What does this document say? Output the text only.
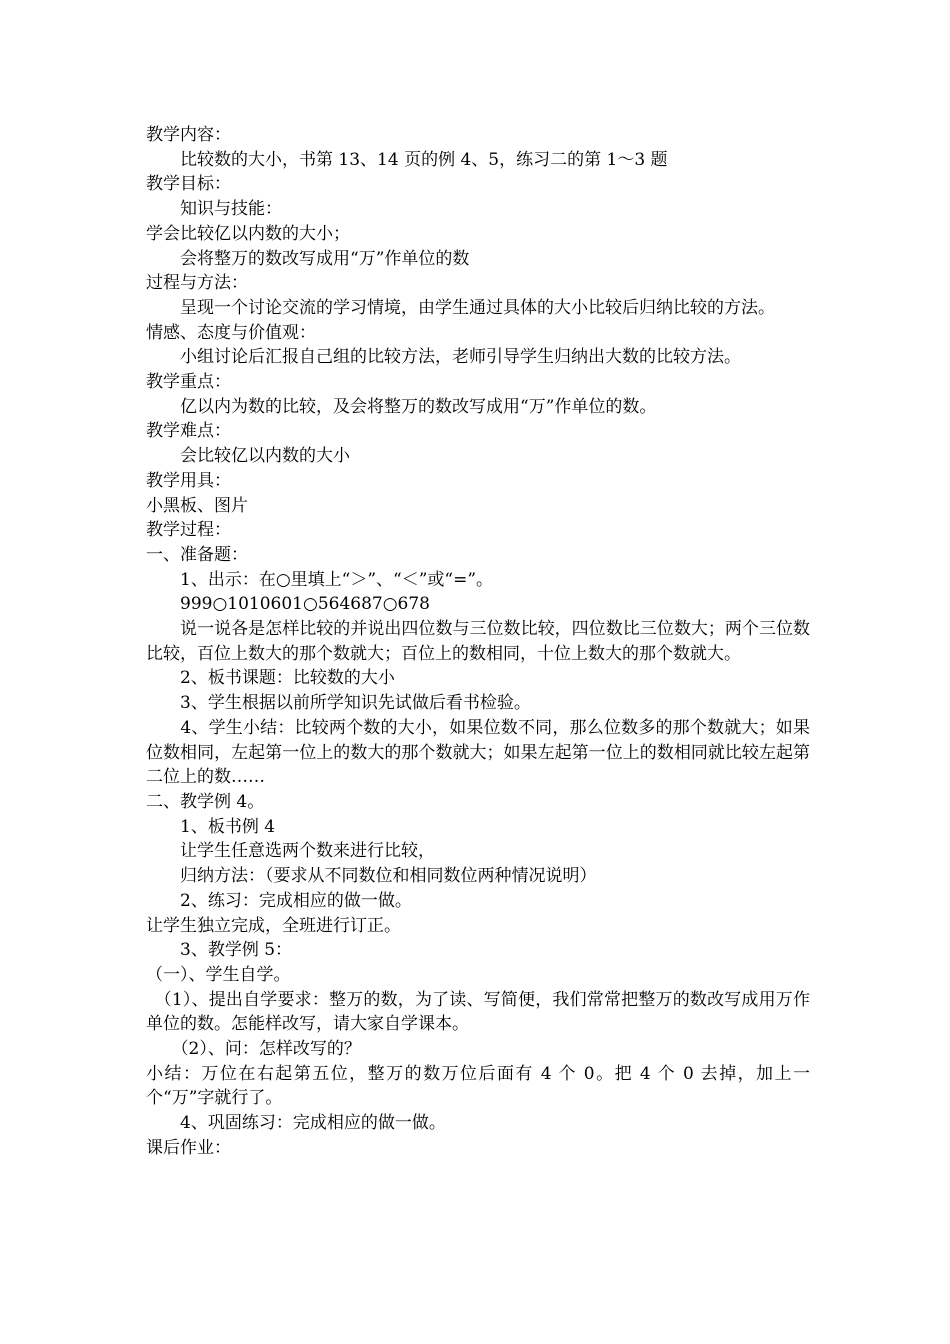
教学内容：

　　比较数的大小，书第 13、14 页的例 4、5，练习二的第 1～3 题

教学目标：

　　知识与技能：

学会比较亿以内数的大小；

　　会将整万的数改写成用“万”作单位的数

过程与方法：

　　呈现一个讨论交流的学习情境，由学生通过具体的大小比较后归纳比较的方法。

情感、态度与价值观：

　　小组讨论后汇报自己组的比较方法，老师引导学生归纳出大数的比较方法。

教学重点：

　　亿以内为数的比较，及会将整万的数改写成用“万”作单位的数。

教学难点：

　　会比较亿以内数的大小

教学用具：

小黑板、图片

教学过程：

一、准备题：

　　1、出示：在○里填上“＞”、“＜”或“=”。

　　999○1010601○564687○678

　　说一说各是怎样比较的并说出四位数与三位数比较，四位数比三位数大；两个三位数比较，百位上数大的那个数就大；百位上的数相同，十位上数大的那个数就大。

　　2、板书课题：比较数的大小

　　3、学生根据以前所学知识先试做后看书检验。

　　4、学生小结：比较两个数的大小，如果位数不同，那么位数多的那个数就大；如果位数相同，左起第一位上的数大的那个数就大；如果左起第一位上的数相同就比较左起第二位上的数……

二、教学例 4。

　　1、板书例 4

　　让学生任意选两个数来进行比较，

　　归纳方法：（要求从不同数位和相同数位两种情况说明）

　　2、练习：完成相应的做一做。

让学生独立完成，全班进行订正。

　　3、教学例 5：

（一）、学生自学。

　（1）、提出自学要求：整万的数，为了读、写简便，我们常常把整万的数改写成用万作单位的数。怎能样改写，请大家自学课本。

　　（2）、问：怎样改写的？

小结：万位在右起第五位，整万的数万位后面有 4 个 0。把 4 个 0 去掉，加上一个“万”字就行了。

　　4、巩固练习：完成相应的做一做。

课后作业：
